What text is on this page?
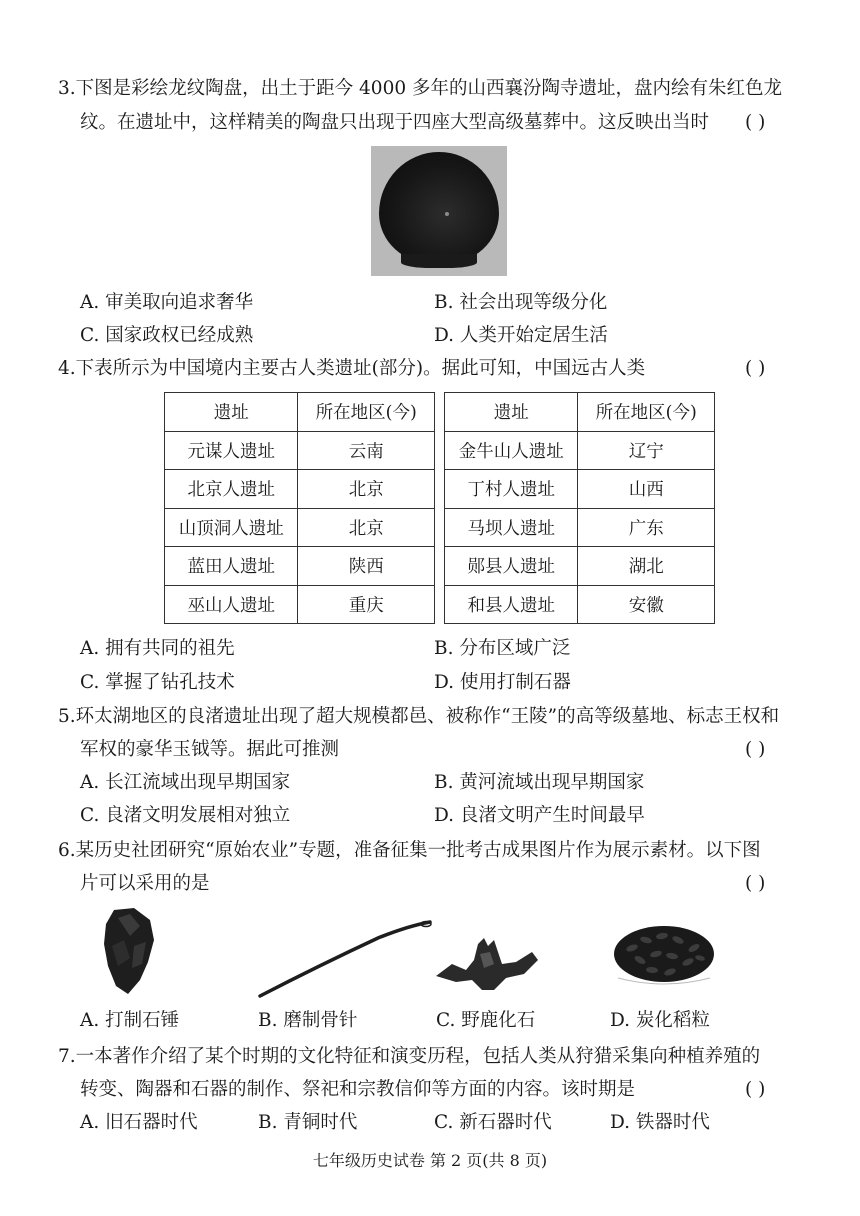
3.下图是彩绘龙纹陶盘，出土于距今 4000 多年的山西襄汾陶寺遗址，盘内绘有朱红色龙
纹。在遗址中，这样精美的陶盘只出现于四座大型高级墓葬中。这反映出当时 ( )
A. 审美取向追求奢华	B. 社会出现等级分化
C. 国家政权已经成熟	D. 人类开始定居生活
4.下表所示为中国境内主要古人类遗址(部分)。据此可知，中国远古人类	( )
遗址	所在地区(今)
元谋人遗址	云南
北京人遗址	北京
山顶洞人遗址	北京
蓝田人遗址	陕西
巫山人遗址	重庆
遗址	所在地区(今)
金牛山人遗址	辽宁
丁村人遗址	山西
马坝人遗址	广东
郧县人遗址	湖北
和县人遗址	安徽
A. 拥有共同的祖先	B. 分布区域广泛
C. 掌握了钻孔技术	D. 使用打制石器
5.环太湖地区的良渚遗址出现了超大规模都邑、被称作“王陵”的高等级墓地、标志王权和
军权的豪华玉钺等。据此可推测	( )
A. 长江流域出现早期国家	B. 黄河流域出现早期国家
C. 良渚文明发展相对独立	D. 良渚文明产生时间最早
6.某历史社团研究“原始农业”专题，准备征集一批考古成果图片作为展示素材。以下图
片可以采用的是	( )
A. 打制石锤	B. 磨制骨针	C. 野鹿化石	D. 炭化稻粒
7.一本著作介绍了某个时期的文化特征和演变历程，包括人类从狩猎采集向种植养殖的
转变、陶器和石器的制作、祭祀和宗教信仰等方面的内容。该时期是	( )
A. 旧石器时代	B. 青铜时代	C. 新石器时代	D. 铁器时代
七年级历史试卷 第 2 页(共 8 页)
